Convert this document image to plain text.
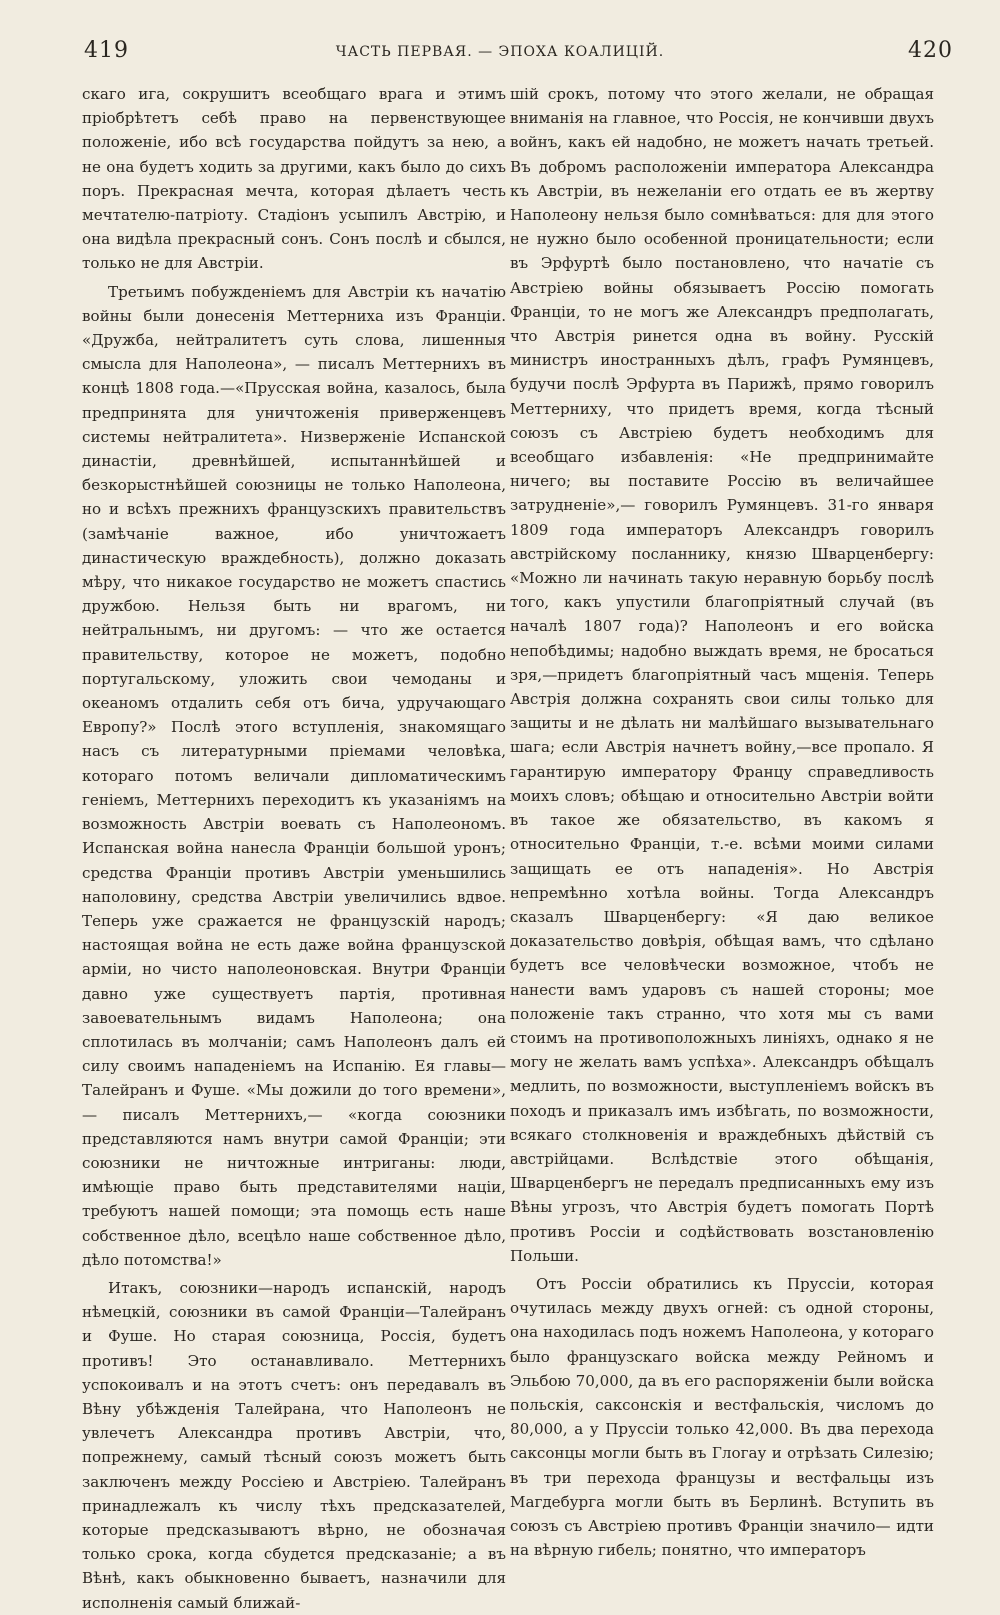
419	ЧАСТЬ ПЕРВАЯ. — ЭПОХА КОАЛИЦІЙ.	420

скаго ига, сокрушитъ всеобщаго врага и этимъ пріобрѣтетъ себѣ право на первенствующее положеніе, ибо всѣ государства пойдутъ за нею, а не она будетъ ходить за другими, какъ было до сихъ поръ. Прекрасная мечта, которая дѣлаетъ честь мечтателю-патріоту. Стадіонъ усыпилъ Австрію, и она видѣла прекрасный сонъ. Сонъ послѣ и сбылся, только не для Австріи.

Третьимъ побужденіемъ для Австріи къ начатію войны были донесенія Меттерниха изъ Франціи. «Дружба, нейтралитетъ суть слова, лишенныя смысла для Наполеона», — писалъ Меттернихъ въ концѣ 1808 года.—«Прусская война, казалось, была предпринята для уничтоженія приверженцевъ системы нейтралитета». Низверженіе Испанской династіи, древнѣйшей, испытаннѣйшей и безкорыстнѣйшей союзницы не только Наполеона, но и всѣхъ прежнихъ французскихъ правительствъ (замѣчаніе важное, ибо уничтожаетъ династическую враждебность), должно доказать мѣру, что никакое государство не можетъ спастись дружбою. Нельзя быть ни врагомъ, ни нейтральнымъ, ни другомъ: — что же остается правительству, которое не можетъ, подобно португальскому, уложить свои чемоданы и океаномъ отдалить себя отъ бича, удручающаго Европу?» Послѣ этого вступленія, знакомящаго насъ съ литературными пріемами человѣка, котораго потомъ величали дипломатическимъ геніемъ, Меттернихъ переходитъ къ указаніямъ на возможность Австріи воевать съ Наполеономъ. Испанская война нанесла Франціи большой уронъ; средства Франціи противъ Австріи уменьшились наполовину, средства Австріи увеличились вдвое. Теперь уже сражается не французскій народъ; настоящая война не есть даже война французской арміи, но чисто наполеоновская. Внутри Франціи давно уже существуетъ партія, противная завоевательнымъ видамъ Наполеона; она сплотилась въ молчаніи; самъ Наполеонъ далъ ей силу своимъ нападеніемъ на Испанію. Ея главы—Талейранъ и Фуше. «Мы дожили до того времени», — писалъ Меттернихъ,— «когда союзники представляются намъ внутри самой Франціи; эти союзники не ничтожные интриганы: люди, имѣющіе право быть представителями націи, требуютъ нашей помощи; эта помощь есть наше собственное дѣло, всецѣло наше собственное дѣло, дѣло потомства!»

Итакъ, союзники—народъ испанскій, народъ нѣмецкій, союзники въ самой Франціи—Талейранъ и Фуше. Но старая союзница, Россія, будетъ противъ! Это останавливало. Меттернихъ успокоивалъ и на этотъ счетъ: онъ передавалъ въ Вѣну убѣжденія Талейрана, что Наполеонъ не увлечетъ Александра противъ Австріи, что, попрежнему, самый тѣсный союзъ можетъ быть заключенъ между Россіею и Австріею. Талейранъ принадлежалъ къ числу тѣхъ предсказателей, которые предсказываютъ вѣрно, не обозначая только срока, когда сбудется предсказаніе; а въ Вѣнѣ, какъ обыкновенно бываетъ, назначили для исполненія самый ближай-

шій срокъ, потому что этого желали, не обращая вниманія на главное, что Россія, не кончивши двухъ войнъ, какъ ей надобно, не можетъ начать третьей. Въ добромъ расположеніи императора Александра къ Австріи, въ нежеланіи его отдать ее въ жертву Наполеону нельзя было сомнѣваться: для для этого не нужно было особенной проницательности; если въ Эрфуртѣ было постановлено, что начатіе съ Австріею войны обязываетъ Россію помогать Франціи, то не могъ же Александръ предполагать, что Австрія ринется одна въ войну. Русскій министръ иностранныхъ дѣлъ, графъ Румянцевъ, будучи послѣ Эрфурта въ Парижѣ, прямо говорилъ Меттерниху, что придетъ время, когда тѣсный союзъ съ Австріею будетъ необходимъ для всеобщаго избавленія: «Не предпринимайте ничего; вы поставите Россію въ величайшее затрудненіе»,— говорилъ Румянцевъ. 31-го января 1809 года императоръ Александръ говорилъ австрійскому посланнику, князю Шварценбергу: «Можно ли начинать такую неравную борьбу послѣ того, какъ упустили благопріятный случай (въ началѣ 1807 года)? Наполеонъ и его войска непобѣдимы; надобно выждать время, не бросаться зря,—придетъ благопріятный часъ мщенія. Теперь Австрія должна сохранять свои силы только для защиты и не дѣлать ни малѣйшаго вызывательнаго шага; если Австрія начнетъ войну,—все пропало. Я гарантирую императору Францу справедливость моихъ словъ; обѣщаю и относительно Австріи войти въ такое же обязательство, въ какомъ я относительно Франціи, т.-е. всѣми моими силами защищать ее отъ нападенія». Но Австрія непремѣнно хотѣла войны. Тогда Александръ сказалъ Шварценбергу: «Я даю великое доказательство довѣрія, обѣщая вамъ, что сдѣлано будетъ все человѣчески возможное, чтобъ не нанести вамъ ударовъ съ нашей стороны; мое положеніе такъ странно, что хотя мы съ вами стоимъ на противоположныхъ линіяхъ, однако я не могу не желать вамъ успѣха». Александръ обѣщалъ медлить, по возможности, выступленіемъ войскъ въ походъ и приказалъ имъ избѣгать, по возможности, всякаго столкновенія и враждебныхъ дѣйствій съ австрійцами. Вслѣдствіе этого обѣщанія, Шварценбергъ не передалъ предписанныхъ ему изъ Вѣны угрозъ, что Австрія будетъ помогать Портѣ противъ Россіи и содѣйствовать возстановленію Польши.

Отъ Россіи обратились къ Пруссіи, которая очутилась между двухъ огней: съ одной стороны, она находилась подъ ножемъ Наполеона, у котораго было французскаго войска между Рейномъ и Эльбою 70,000, да въ его распоряженіи были войска польскія, саксонскія и вестфальскія, числомъ до 80,000, а у Пруссіи только 42,000. Въ два перехода саксонцы могли быть въ Глогау и отрѣзать Силезію; въ три перехода французы и вестфальцы изъ Магдебурга могли быть въ Берлинѣ. Вступить въ союзъ съ Австріею противъ Франціи значило— идти на вѣрную гибель; понятно, что императоръ
